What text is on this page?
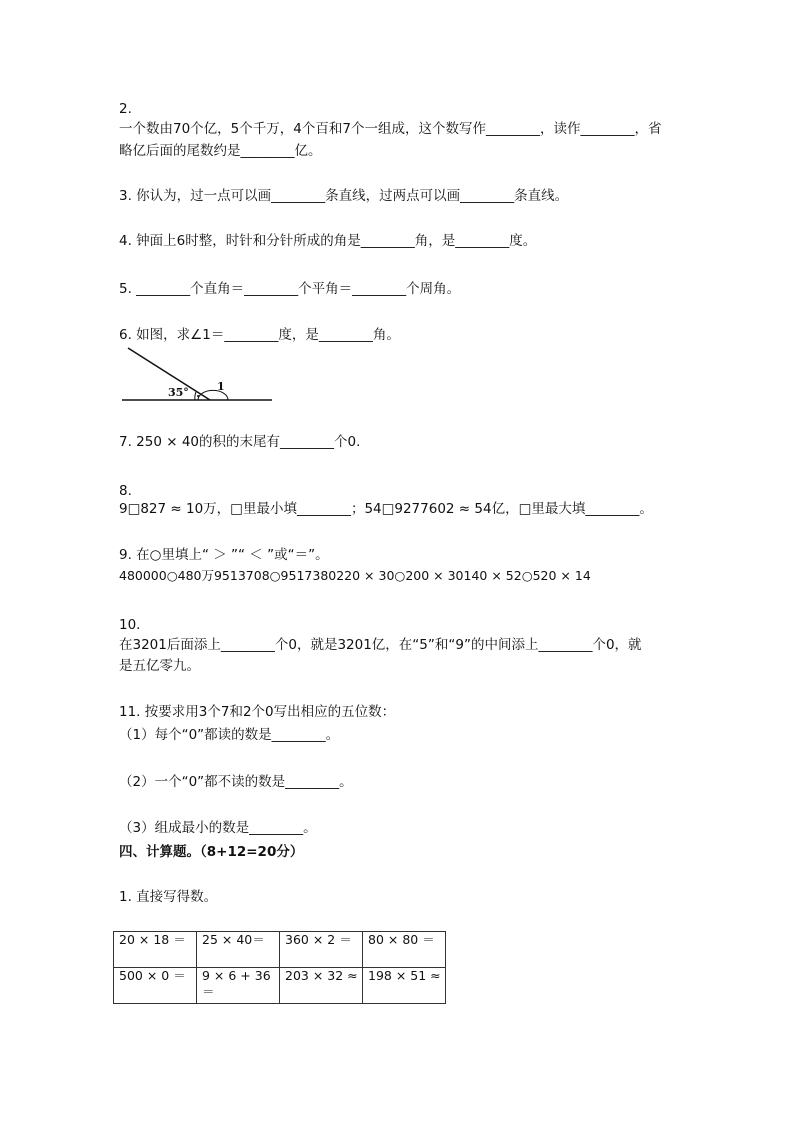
2.
一个数由70个亿，5个千万，4个百和7个一组成，这个数写作________，读作________，省
略亿后面的尾数约是________亿。
3. 你认为，过一点可以画________条直线，过两点可以画________条直线。
4. 钟面上6时整，时针和分针所成的角是________角，是________度。
5. ________个直角＝________个平角＝________个周角。
6. 如图，求∠1＝________度，是________角。
35°	1
7. 250 × 40的积的末尾有________个0.
8.
9□827 ≈ 10万，□里最小填________；54□9277602 ≈ 54亿，□里最大填________。
9. 在○里填上“ ＞ ”“ ＜ ”或“＝”。
480000○480万9513708○9517380220 × 30○200 × 30140 × 52○520 × 14
10.
在3201后面添上________个0，就是3201亿，在“5”和“9”的中间添上________个0，就
是五亿零九。
11. 按要求用3个7和2个0写出相应的五位数：
（1）每个“0”都读的数是________。
（2）一个“0”都不读的数是________。
（3）组成最小的数是________。
四、计算题。（8+12=20分）
1. 直接写得数。
20 × 18 ＝	25 × 40＝	360 × 2 ＝	80 × 80 ＝
500 × 0 ＝	9 × 6 + 36 ＝	203 × 32 ≈	198 × 51 ≈
